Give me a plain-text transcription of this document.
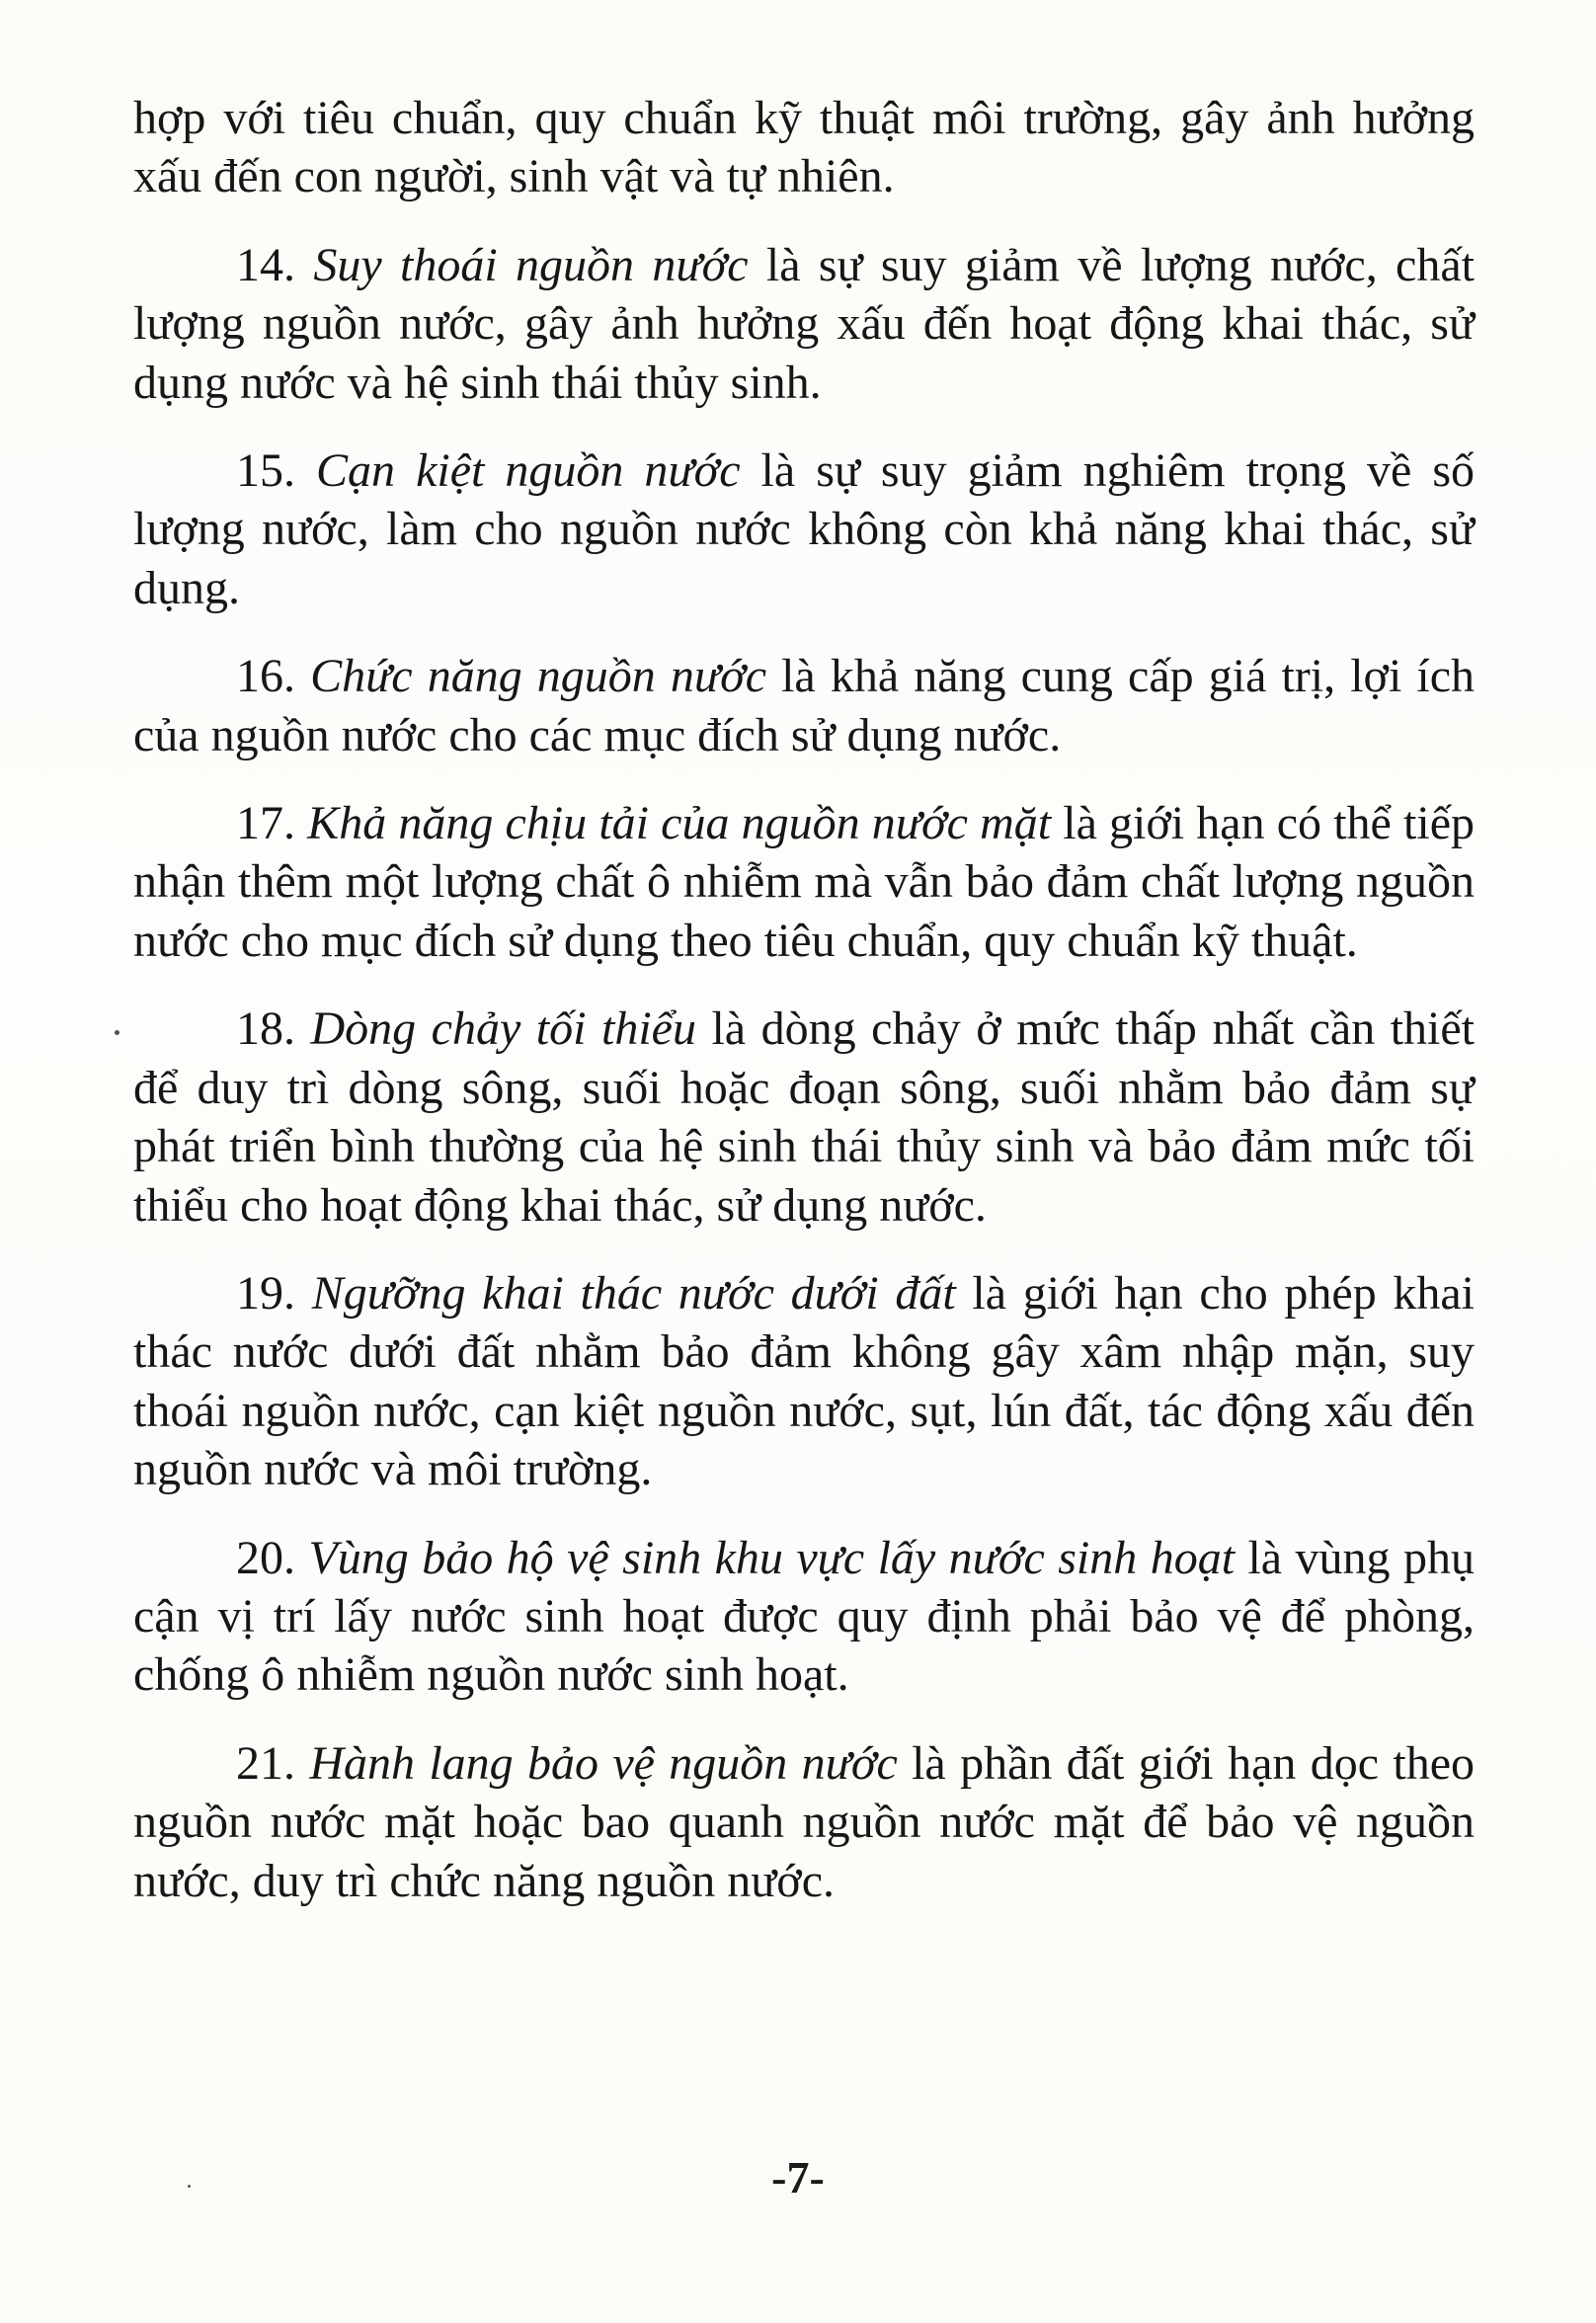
hợp với tiêu chuẩn, quy chuẩn kỹ thuật môi trường, gây ảnh hưởng xấu đến con người, sinh vật và tự nhiên.

14. Suy thoái nguồn nước là sự suy giảm về lượng nước, chất lượng nguồn nước, gây ảnh hưởng xấu đến hoạt động khai thác, sử dụng nước và hệ sinh thái thủy sinh.

15. Cạn kiệt nguồn nước là sự suy giảm nghiêm trọng về số lượng nước, làm cho nguồn nước không còn khả năng khai thác, sử dụng.

16. Chức năng nguồn nước là khả năng cung cấp giá trị, lợi ích của nguồn nước cho các mục đích sử dụng nước.

17. Khả năng chịu tải của nguồn nước mặt là giới hạn có thể tiếp nhận thêm một lượng chất ô nhiễm mà vẫn bảo đảm chất lượng nguồn nước cho mục đích sử dụng theo tiêu chuẩn, quy chuẩn kỹ thuật.

18. Dòng chảy tối thiểu là dòng chảy ở mức thấp nhất cần thiết để duy trì dòng sông, suối hoặc đoạn sông, suối nhằm bảo đảm sự phát triển bình thường của hệ sinh thái thủy sinh và bảo đảm mức tối thiểu cho hoạt động khai thác, sử dụng nước.

19. Ngưỡng khai thác nước dưới đất là giới hạn cho phép khai thác nước dưới đất nhằm bảo đảm không gây xâm nhập mặn, suy thoái nguồn nước, cạn kiệt nguồn nước, sụt, lún đất, tác động xấu đến nguồn nước và môi trường.

20. Vùng bảo hộ vệ sinh khu vực lấy nước sinh hoạt là vùng phụ cận vị trí lấy nước sinh hoạt được quy định phải bảo vệ để phòng, chống ô nhiễm nguồn nước sinh hoạt.

21. Hành lang bảo vệ nguồn nước là phần đất giới hạn dọc theo nguồn nước mặt hoặc bao quanh nguồn nước mặt để bảo vệ nguồn nước, duy trì chức năng nguồn nước.

-7-
